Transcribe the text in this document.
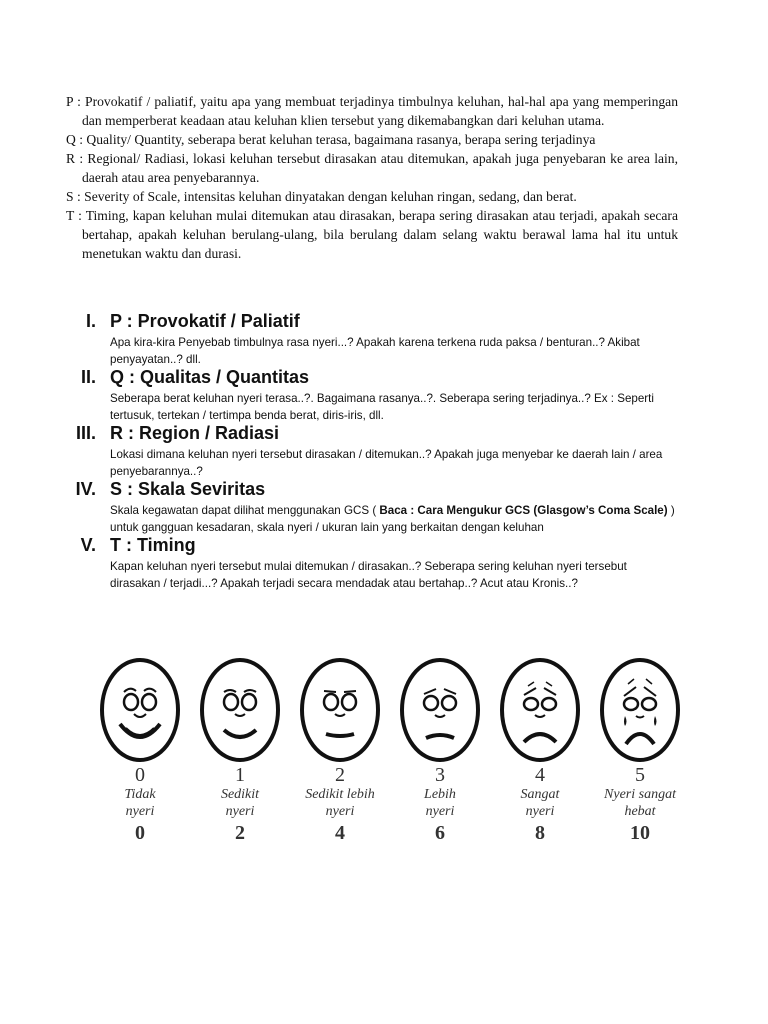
P : Provokatif / paliatif, yaitu apa yang membuat terjadinya timbulnya keluhan, hal-hal apa yang memperingan dan memperberat keadaan atau keluhan klien tersebut yang dikemabangkan dari keluhan utama.

Q : Quality/ Quantity, seberapa berat keluhan terasa, bagaimana rasanya, berapa sering terjadinya

R : Regional/ Radiasi, lokasi keluhan tersebut dirasakan atau ditemukan, apakah juga penyebaran ke area lain, daerah atau area penyebarannya.

S : Severity of Scale, intensitas keluhan dinyatakan dengan keluhan ringan, sedang, dan berat.

T : Timing, kapan keluhan mulai ditemukan atau dirasakan, berapa sering dirasakan atau terjadi, apakah secara bertahap, apakah keluhan berulang-ulang, bila berulang dalam selang waktu berawal lama hal itu untuk menetukan waktu dan durasi.

I. P : Provokatif / Paliatif
Apa kira-kira Penyebab timbulnya rasa nyeri...? Apakah karena terkena ruda paksa / benturan..? Akibat penyayatan..? dll.
II. Q : Qualitas / Quantitas
Seberapa berat keluhan nyeri terasa..?. Bagaimana rasanya..?. Seberapa sering terjadinya..? Ex : Seperti tertusuk, tertekan / tertimpa benda berat, diris-iris, dll.
III. R : Region / Radiasi
Lokasi dimana keluhan nyeri tersebut dirasakan / ditemukan..? Apakah juga menyebar ke daerah lain / area penyebarannya..?
IV. S : Skala Seviritas
Skala kegawatan dapat dilihat menggunakan GCS ( Baca : Cara Mengukur GCS (Glasgow’s Coma Scale) ) untuk gangguan kesadaran, skala nyeri / ukuran lain yang berkaitan dengan keluhan
V. T : Timing
Kapan keluhan nyeri tersebut mulai ditemukan / dirasakan..? Seberapa sering keluhan nyeri tersebut dirasakan / terjadi...? Apakah terjadi secara mendadak atau bertahap..? Acut atau Kronis..?
0
Tidak
nyeri
0
1
Sedikit
nyeri
2
2
Sedikit lebih
nyeri
4
3
Lebih
nyeri
6
4
Sangat
nyeri
8
5
Nyeri sangat
hebat
10
